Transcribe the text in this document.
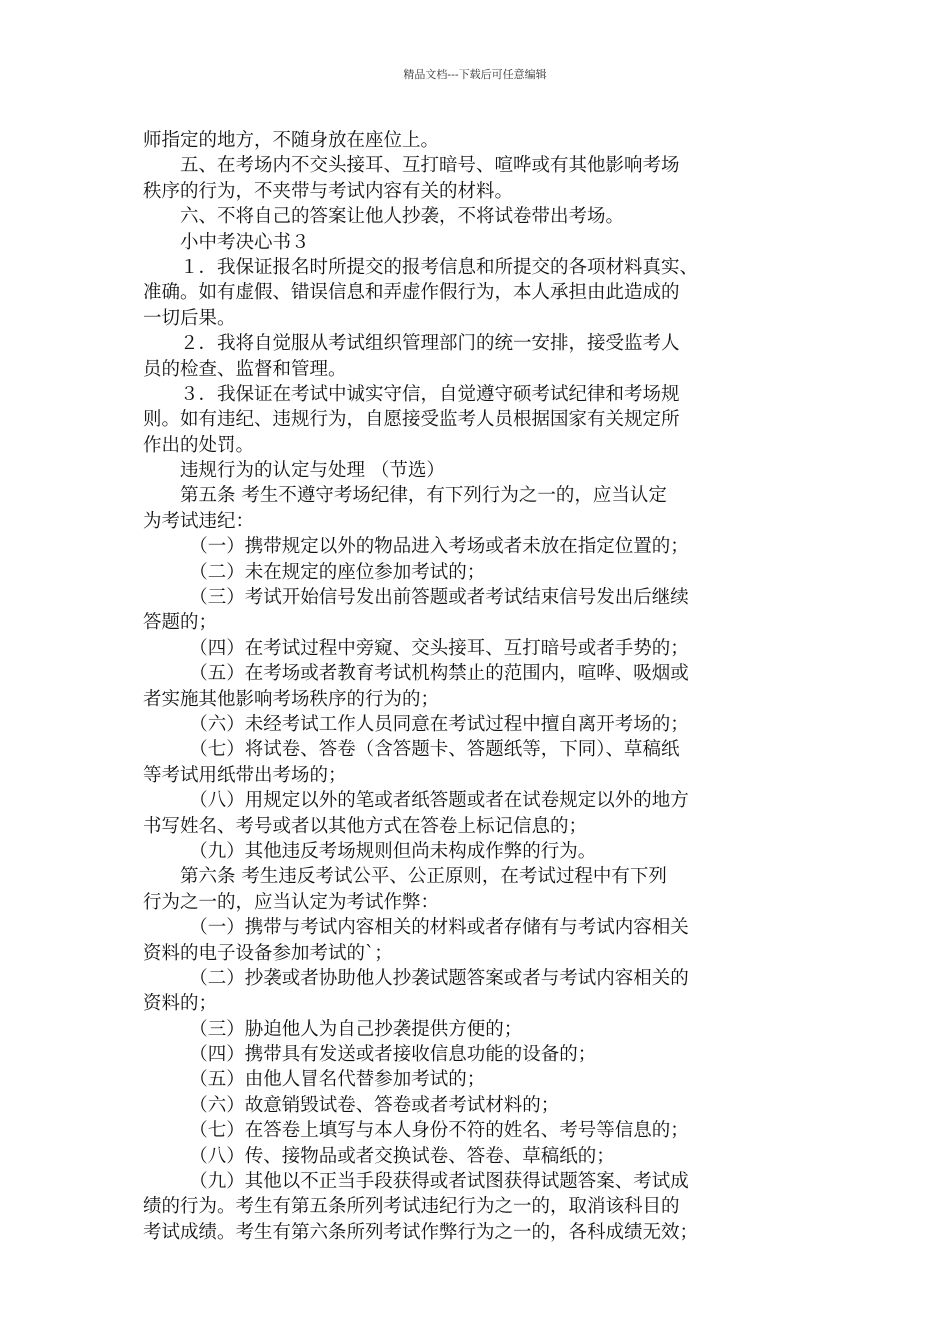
精品文档---下载后可任意编辑
师指定的地方，不随身放在座位上。
　　五、在考场内不交头接耳、互打暗号、喧哗或有其他影响考场
秩序的行为，不夹带与考试内容有关的材料。
　　六、不将自己的答案让他人抄袭，不将试卷带出考场。
　　小中考决心书３
　　１．我保证报名时所提交的报考信息和所提交的各项材料真实、
准确。如有虚假、错误信息和弄虚作假行为，本人承担由此造成的
一切后果。
　　２．我将自觉服从考试组织管理部门的统一安排，接受监考人
员的检查、监督和管理。
　　３．我保证在考试中诚实守信，自觉遵守硕考试纪律和考场规
则。如有违纪、违规行为，自愿接受监考人员根据国家有关规定所
作出的处罚。
　　违规行为的认定与处理 （节选）
　　第五条 考生不遵守考场纪律，有下列行为之一的，应当认定
为考试违纪：
　　　（一）携带规定以外的物品进入考场或者未放在指定位置的；
　　　（二）未在规定的座位参加考试的；
　　　（三）考试开始信号发出前答题或者考试结束信号发出后继续
答题的；
　　　（四）在考试过程中旁窥、交头接耳、互打暗号或者手势的；
　　　（五）在考场或者教育考试机构禁止的范围内，喧哗、吸烟或
者实施其他影响考场秩序的行为的；
　　　（六）未经考试工作人员同意在考试过程中擅自离开考场的；
　　　（七）将试卷、答卷（含答题卡、答题纸等，下同）、草稿纸
等考试用纸带出考场的；
　　　（八）用规定以外的笔或者纸答题或者在试卷规定以外的地方
书写姓名、考号或者以其他方式在答卷上标记信息的；
　　　（九）其他违反考场规则但尚未构成作弊的行为。
　　第六条 考生违反考试公平、公正原则，在考试过程中有下列
行为之一的，应当认定为考试作弊：
　　　（一）携带与考试内容相关的材料或者存储有与考试内容相关
资料的电子设备参加考试的`；
　　　（二）抄袭或者协助他人抄袭试题答案或者与考试内容相关的
资料的；
　　　（三）胁迫他人为自己抄袭提供方便的；
　　　（四）携带具有发送或者接收信息功能的设备的；
　　　（五）由他人冒名代替参加考试的；
　　　（六）故意销毁试卷、答卷或者考试材料的；
　　　（七）在答卷上填写与本人身份不符的姓名、考号等信息的；
　　　（八）传、接物品或者交换试卷、答卷、草稿纸的；
　　　（九）其他以不正当手段获得或者试图获得试题答案、考试成
绩的行为。考生有第五条所列考试违纪行为之一的，取消该科目的
考试成绩。考生有第六条所列考试作弊行为之一的，各科成绩无效；
